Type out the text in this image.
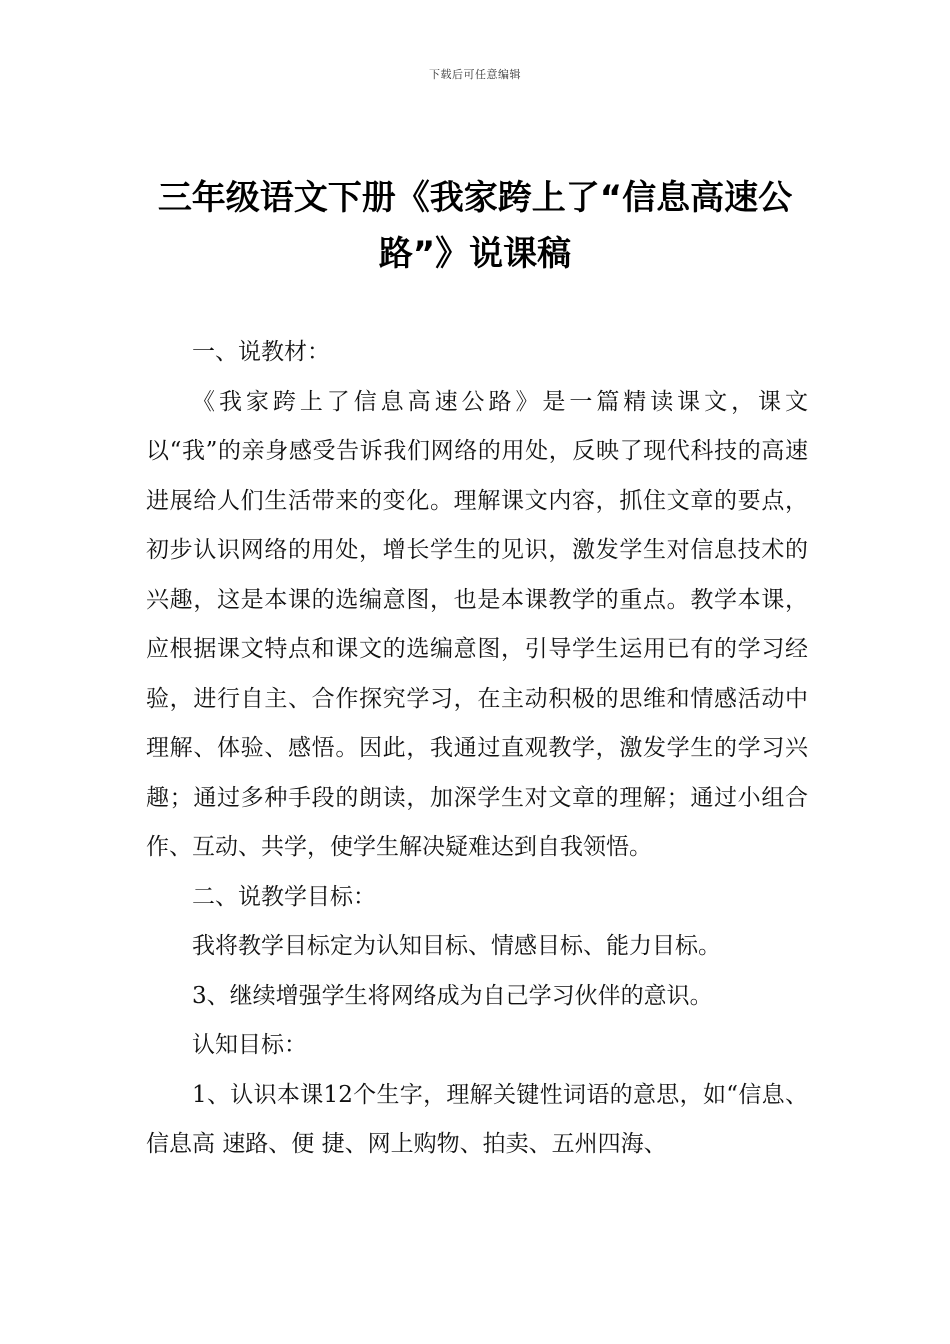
下载后可任意编辑
三年级语文下册《我家跨上了“信息高速公路”》说课稿

一、说教材：

《我家跨上了信息高速公路》是一篇精读课文，课文以“我”的亲身感受告诉我们网络的用处，反映了现代科技的高速进展给人们生活带来的变化。理解课文内容，抓住文章的要点，初步认识网络的用处，增长学生的见识，激发学生对信息技术的兴趣，这是本课的选编意图，也是本课教学的重点。教学本课，应根据课文特点和课文的选编意图，引导学生运用已有的学习经验，进行自主、合作探究学习，在主动积极的思维和情感活动中理解、体验、感悟。因此，我通过直观教学，激发学生的学习兴趣；通过多种手段的朗读，加深学生对文章的理解；通过小组合作、互动、共学，使学生解决疑难达到自我领悟。

二、说教学目标：

我将教学目标定为认知目标、情感目标、能力目标。

3、继续增强学生将网络成为自己学习伙伴的意识。

认知目标：

1、认识本课12个生字，理解关键性词语的意思，如“信息、信息高 速路、便 捷、网上购物、拍卖、五州四海、
